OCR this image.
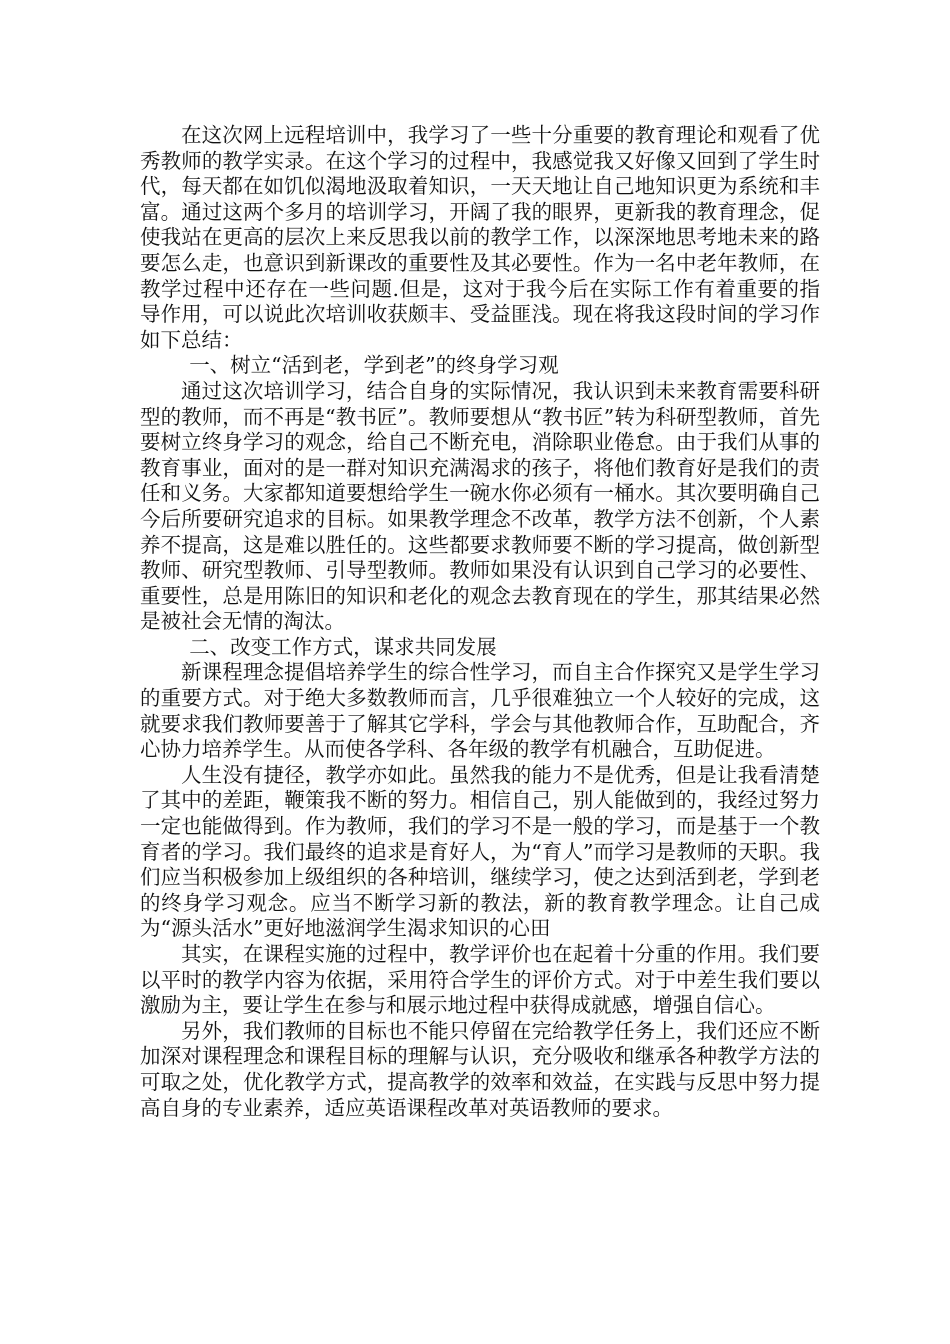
在这次网上远程培训中，我学习了一些十分重要的教育理论和观看了优秀教师的教学实录。在这个学习的过程中，我感觉我又好像又回到了学生时代，每天都在如饥似渴地汲取着知识，一天天地让自己地知识更为系统和丰富。通过这两个多月的培训学习，开阔了我的眼界，更新我的教育理念，促使我站在更高的层次上来反思我以前的教学工作，以深深地思考地未来的路要怎么走，也意识到新课改的重要性及其必要性。作为一名中老年教师，在教学过程中还存在一些问题.但是，这对于我今后在实际工作有着重要的指导作用，可以说此次培训收获颇丰、受益匪浅。现在将我这段时间的学习作如下总结：

一、树立“活到老，学到老”的终身学习观

通过这次培训学习，结合自身的实际情况，我认识到未来教育需要科研型的教师，而不再是“教书匠”。教师要想从“教书匠”转为科研型教师，首先要树立终身学习的观念，给自己不断充电，消除职业倦怠。由于我们从事的教育事业，面对的是一群对知识充满渴求的孩子，将他们教育好是我们的责任和义务。大家都知道要想给学生一碗水你必须有一桶水。其次要明确自己今后所要研究追求的目标。如果教学理念不改革，教学方法不创新，个人素养不提高，这是难以胜任的。这些都要求教师要不断的学习提高，做创新型教师、研究型教师、引导型教师。教师如果没有认识到自己学习的必要性、重要性，总是用陈旧的知识和老化的观念去教育现在的学生，那其结果必然是被社会无情的淘汰。

二、改变工作方式，谋求共同发展

新课程理念提倡培养学生的综合性学习，而自主合作探究又是学生学习的重要方式。对于绝大多数教师而言，几乎很难独立一个人较好的完成，这就要求我们教师要善于了解其它学科，学会与其他教师合作，互助配合，齐心协力培养学生。从而使各学科、各年级的教学有机融合，互助促进。

人生没有捷径，教学亦如此。虽然我的能力不是优秀，但是让我看清楚了其中的差距，鞭策我不断的努力。相信自己，别人能做到的，我经过努力一定也能做得到。作为教师，我们的学习不是一般的学习，而是基于一个教育者的学习。我们最终的追求是育好人，为“育人”而学习是教师的天职。我们应当积极参加上级组织的各种培训，继续学习，使之达到活到老，学到老的终身学习观念。应当不断学习新的教法，新的教育教学理念。让自己成为“源头活水”更好地滋润学生渴求知识的心田

其实，在课程实施的过程中，教学评价也在起着十分重的作用。我们要以平时的教学内容为依据，采用符合学生的评价方式。对于中差生我们要以激励为主，要让学生在参与和展示地过程中获得成就感，增强自信心。

另外，我们教师的目标也不能只停留在完给教学任务上，我们还应不断加深对课程理念和课程目标的理解与认识，充分吸收和继承各种教学方法的可取之处，优化教学方式，提高教学的效率和效益，在实践与反思中努力提高自身的专业素养，适应英语课程改革对英语教师的要求。
